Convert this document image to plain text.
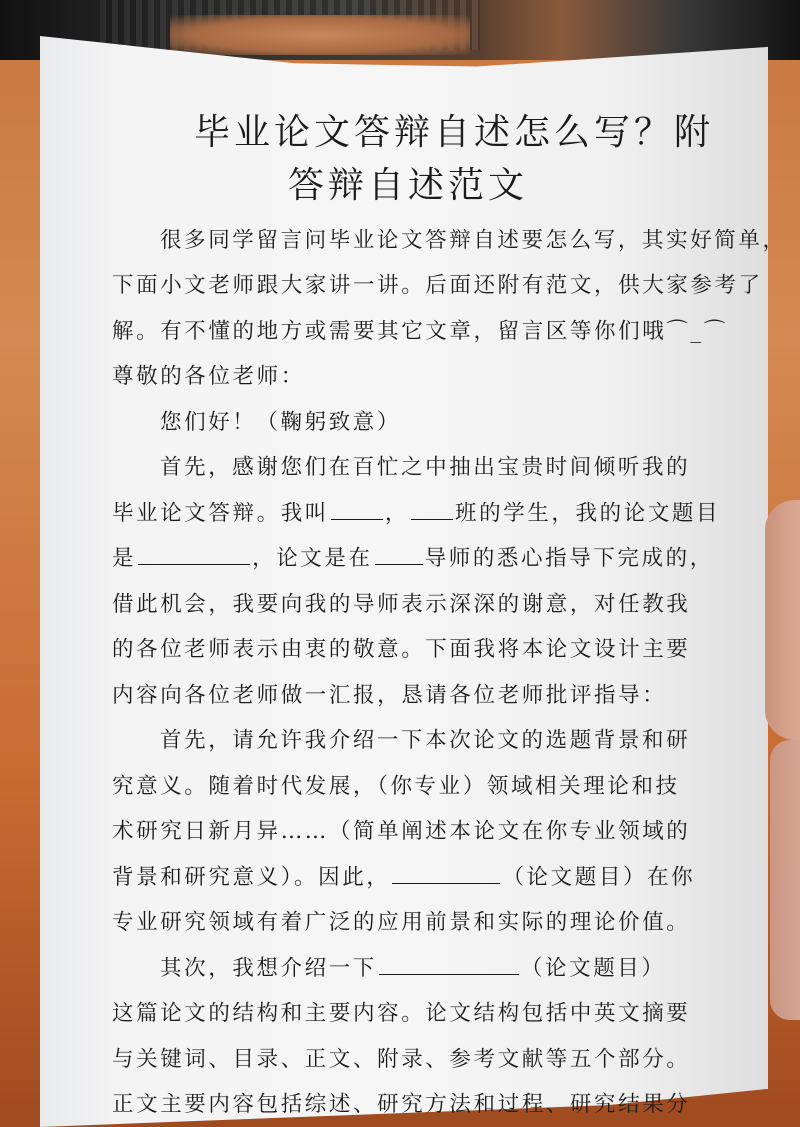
毕业论文答辩自述怎么写？附
答辩自述范文

很多同学留言问毕业论文答辩自述要怎么写，其实好简单，

下面小文老师跟大家讲一讲。后面还附有范文，供大家参考了

解。有不懂的地方或需要其它文章，留言区等你们哦⌒_⌒

尊敬的各位老师：

您们好！（鞠躬致意）

首先，感谢您们在百忙之中抽出宝贵时间倾听我的

毕业论文答辩。我叫	， 班的学生，我的论文题目

是	，论文是在 导师的悉心指导下完成的，

借此机会，我要向我的导师表示深深的谢意，对任教我

的各位老师表示由衷的敬意。下面我将本论文设计主要

内容向各位老师做一汇报，恳请各位老师批评指导：

首先，请允许我介绍一下本次论文的选题背景和研

究意义。随着时代发展，（你专业）领域相关理论和技

术研究日新月异……（简单阐述本论文在你专业领域的

背景和研究意义）。因此，	（论文题目）在你

专业研究领域有着广泛的应用前景和实际的理论价值。

其次，我想介绍一下	（论文题目）

这篇论文的结构和主要内容。论文结构包括中英文摘要

与关键词、目录、正文、附录、参考文献等五个部分。

正文主要内容包括综述、研究方法和过程、研究结果分
